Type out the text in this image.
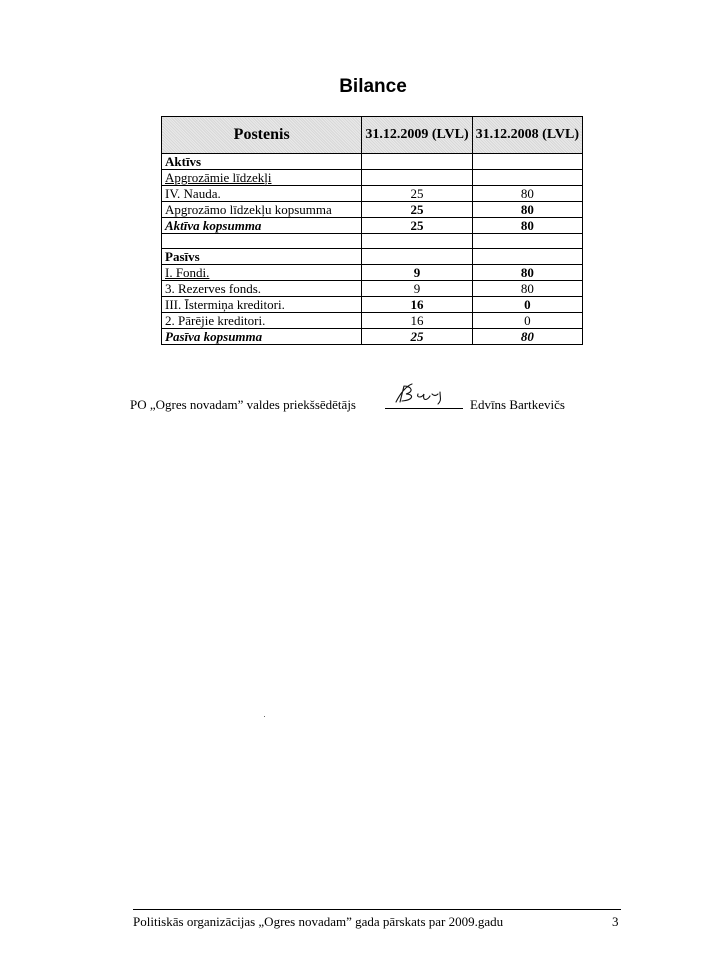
Bilance
Postenis	31.12.2009 (LVL)	31.12.2008 (LVL)
Aktīvs		
Apgrozāmie līdzekļi		
IV. Nauda.	25	80
Apgrozāmo līdzekļu kopsumma	25	80
Aktīva kopsumma	25	80

Pasīvs		
I. Fondi.	9	80
3. Rezerves fonds.	9	80
III. Īstermiņa kreditori.	16	0
2. Pārējie kreditori.	16	0
Pasīva kopsumma	25	80
PO „Ogres novadam” valdes priekšsēdētājs	Edvīns Bartkevičs
Politiskās organizācijas „Ogres novadam” gada pārskats par 2009.gadu	3
